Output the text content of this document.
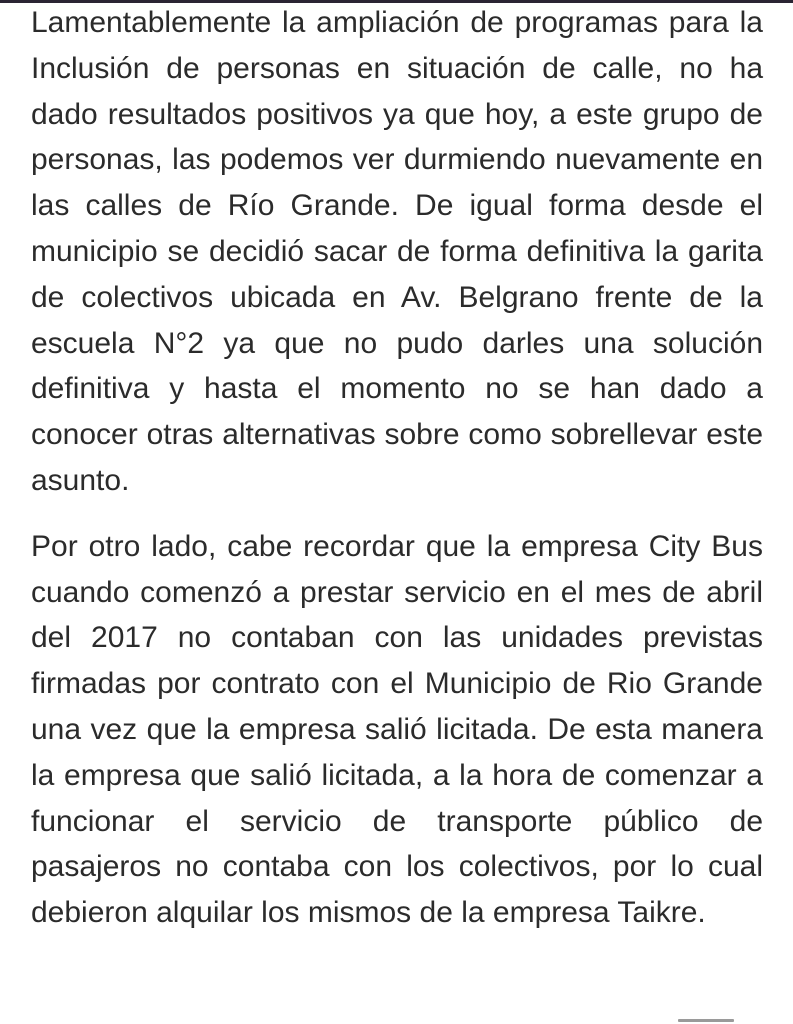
Lamentablemente la ampliación de programas para la Inclusión de personas en situación de calle, no ha dado resultados positivos ya que hoy, a este grupo de personas, las podemos ver durmiendo nuevamente en las calles de Río Grande. De igual forma desde el municipio se decidió sacar de forma definitiva la garita de colectivos ubicada en Av. Belgrano frente de la escuela N°2 ya que no pudo darles una solución definitiva y hasta el momento no se han dado a conocer otras alternativas sobre como sobrellevar este asunto.

Por otro lado, cabe recordar que la empresa City Bus cuando comenzó a prestar servicio en el mes de abril del 2017 no contaban con las unidades previstas firmadas por contrato con el Municipio de Rio Grande una vez que la empresa salió licitada. De esta manera la empresa que salió licitada, a la hora de comenzar a funcionar el servicio de transporte público de pasajeros no contaba con los colectivos, por lo cual debieron alquilar los mismos de la empresa Taikre.
